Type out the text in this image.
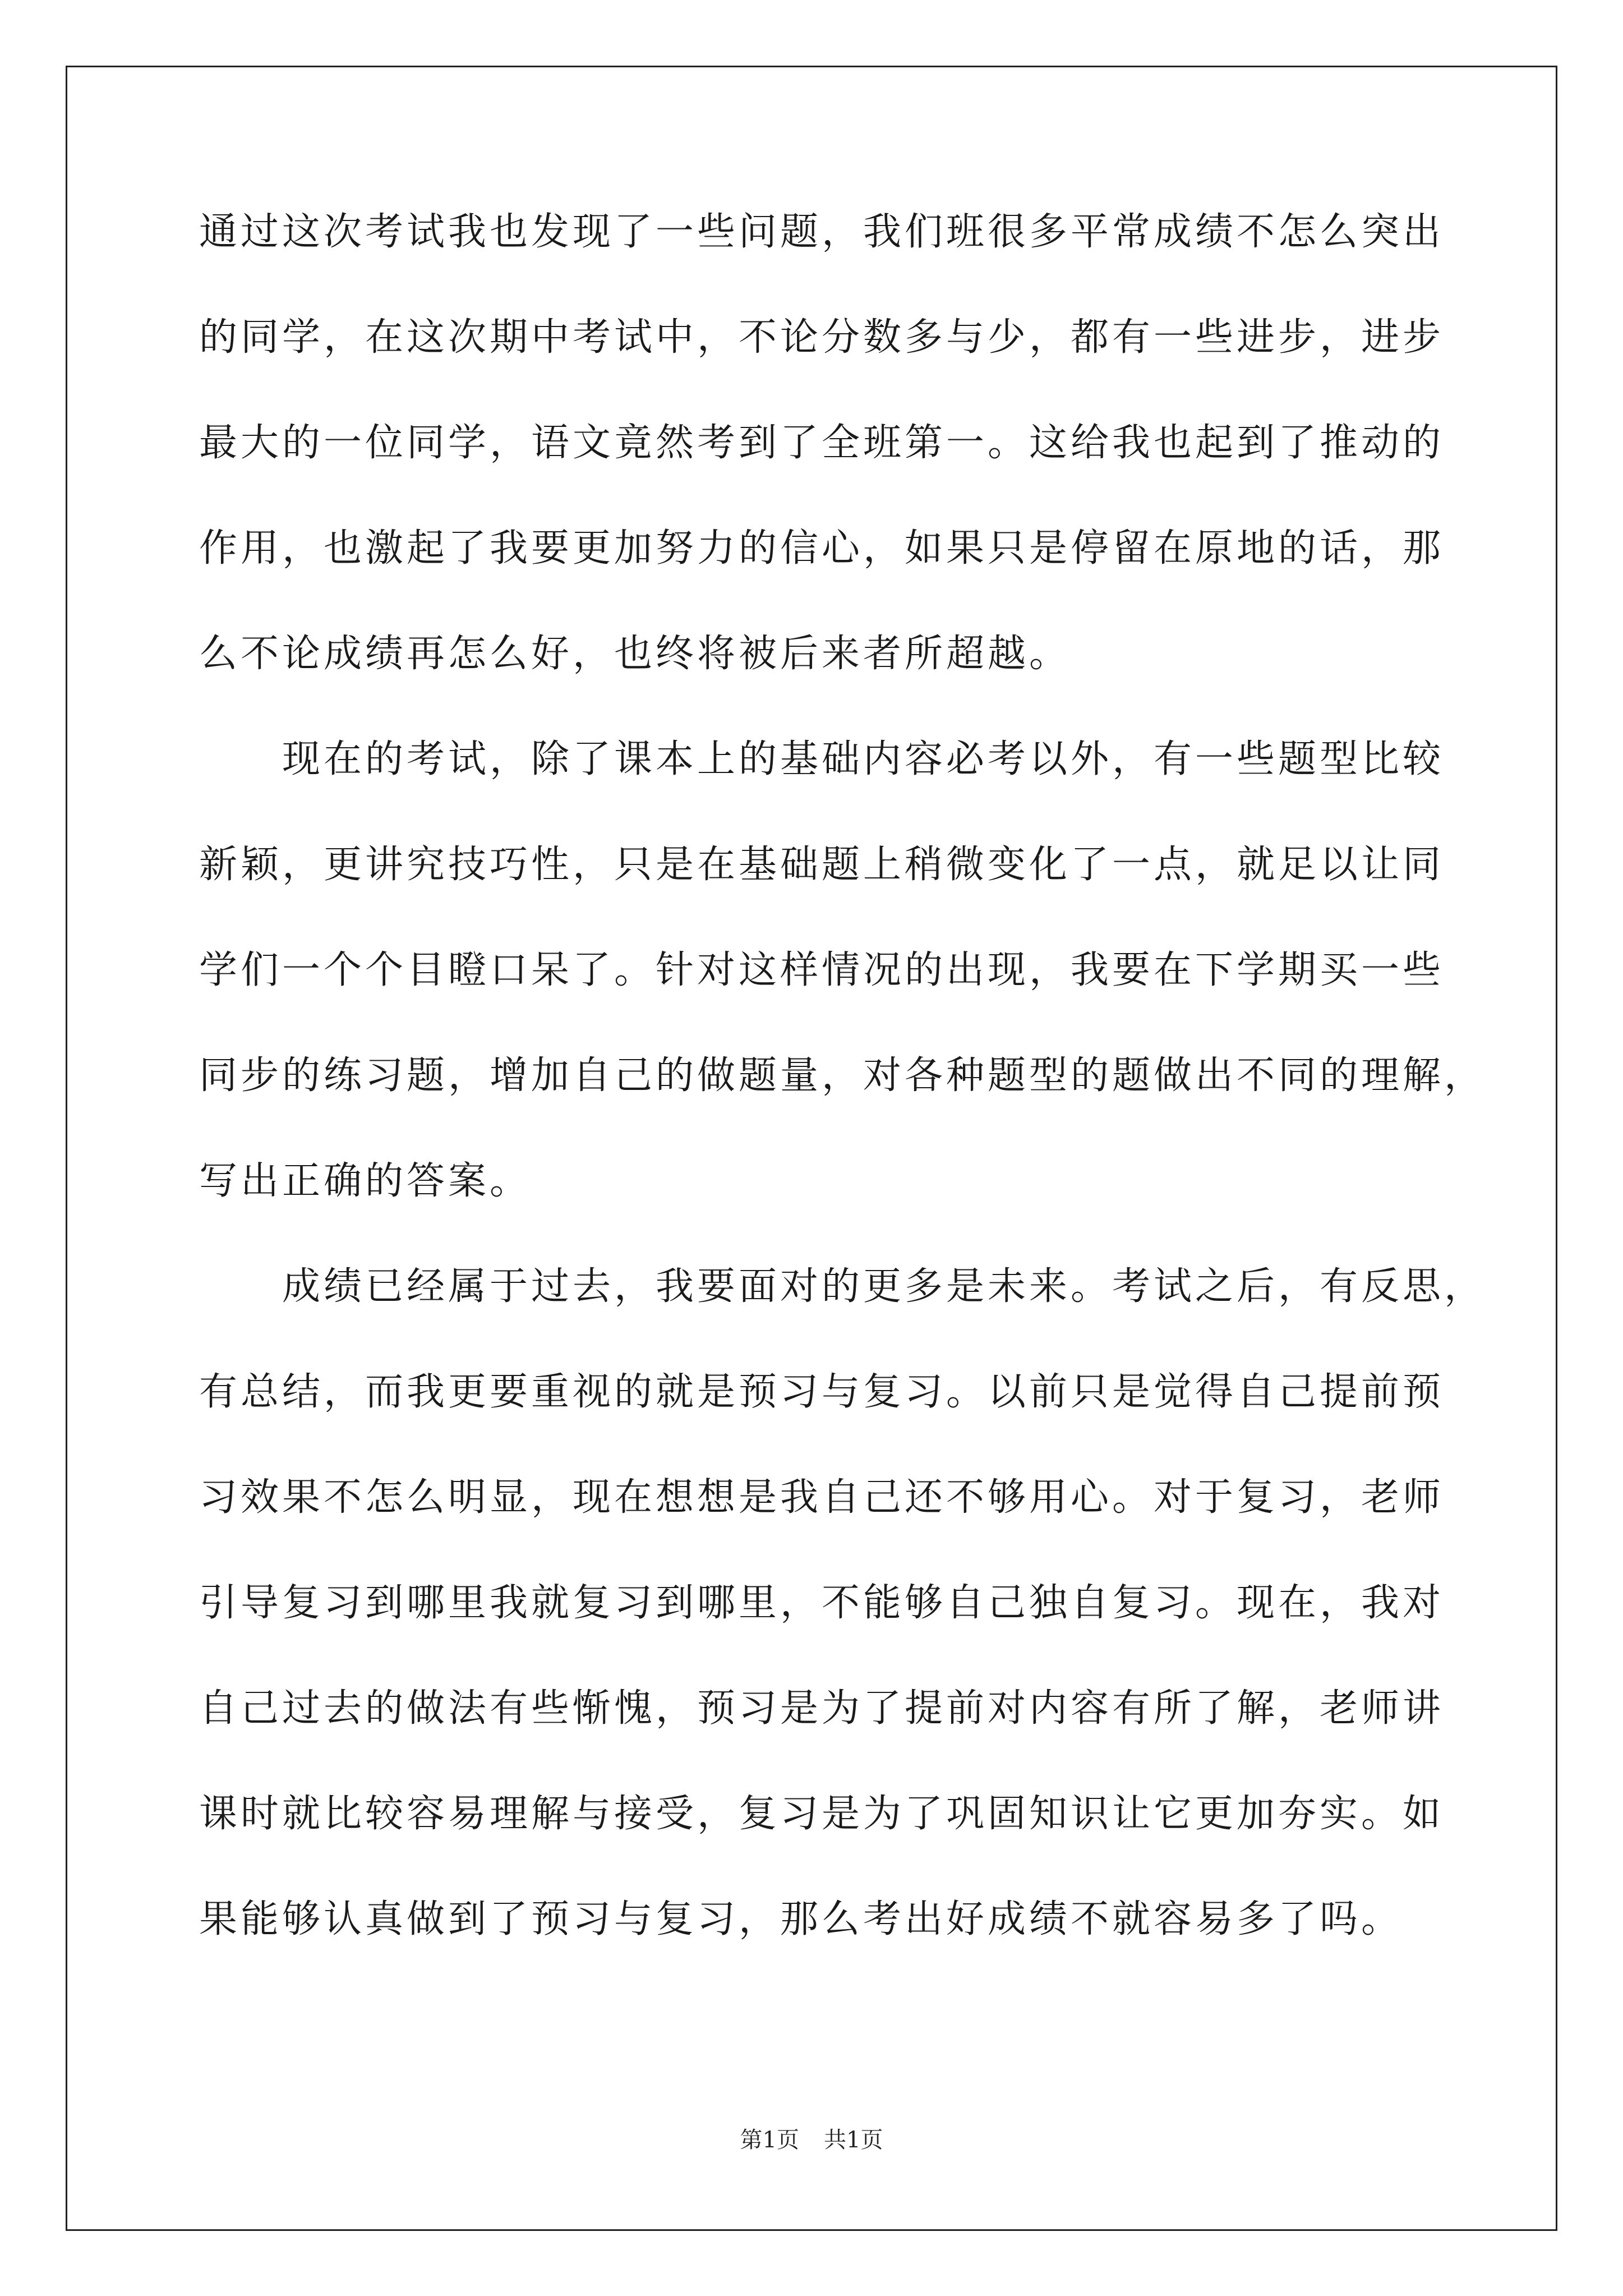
通过这次考试我也发现了一些问题，我们班很多平常成绩不怎么突出

的同学，在这次期中考试中，不论分数多与少，都有一些进步，进步

最大的一位同学，语文竟然考到了全班第一。这给我也起到了推动的

作用，也激起了我要更加努力的信心，如果只是停留在原地的话，那

么不论成绩再怎么好，也终将被后来者所超越。

　　现在的考试，除了课本上的基础内容必考以外，有一些题型比较

新颖，更讲究技巧性，只是在基础题上稍微变化了一点，就足以让同

学们一个个目瞪口呆了。针对这样情况的出现，我要在下学期买一些

同步的练习题，增加自己的做题量，对各种题型的题做出不同的理解，

写出正确的答案。

　　成绩已经属于过去，我要面对的更多是未来。考试之后，有反思，

有总结，而我更要重视的就是预习与复习。以前只是觉得自己提前预

习效果不怎么明显，现在想想是我自己还不够用心。对于复习，老师

引导复习到哪里我就复习到哪里，不能够自己独自复习。现在，我对

自己过去的做法有些惭愧，预习是为了提前对内容有所了解，老师讲

课时就比较容易理解与接受，复习是为了巩固知识让它更加夯实。如

果能够认真做到了预习与复习，那么考出好成绩不就容易多了吗。

第1页 共1页
